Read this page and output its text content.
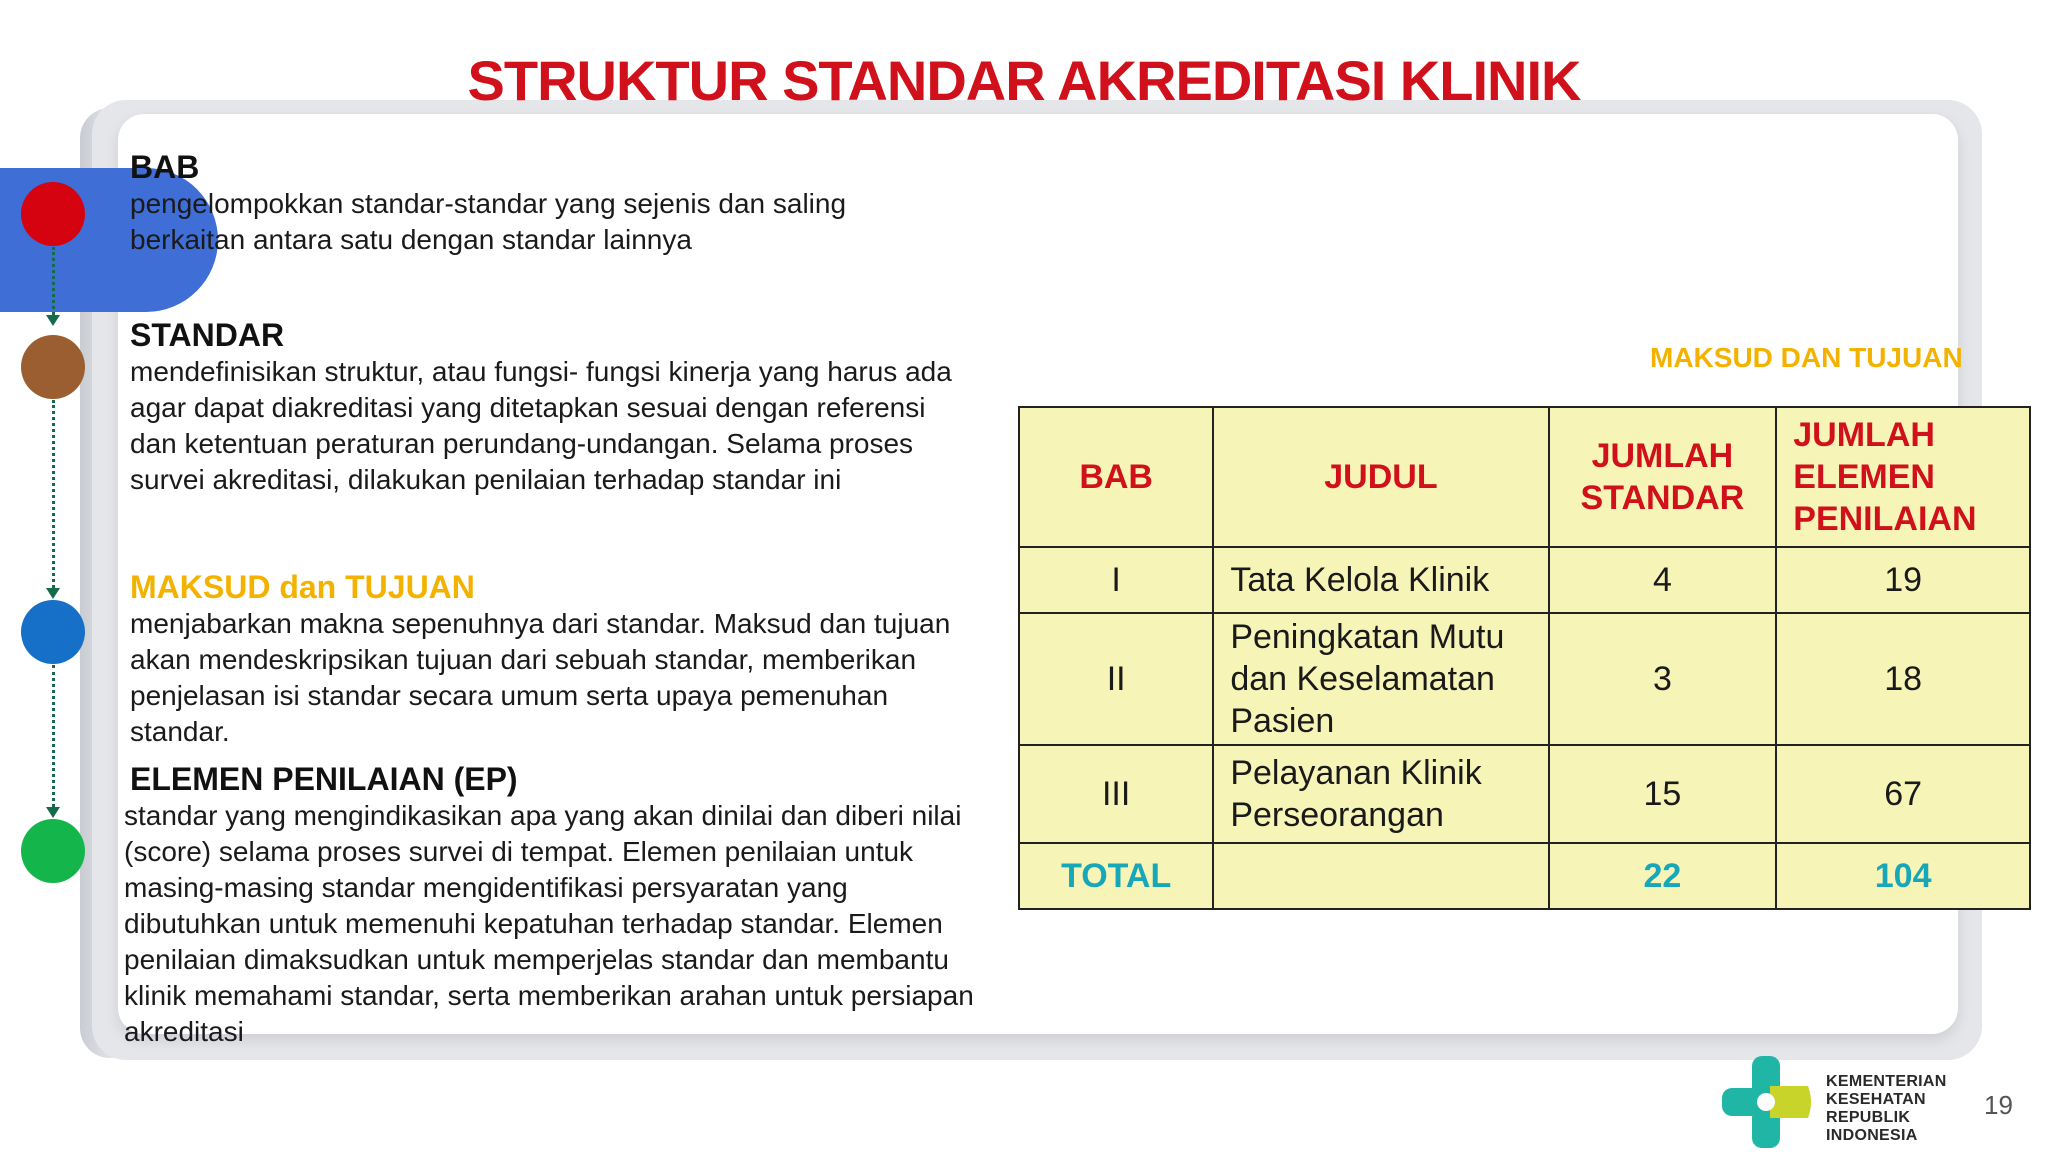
STRUKTUR STANDAR AKREDITASI KLINIK
BAB
pengelompokkan standar-standar yang sejenis dan saling berkaitan antara satu dengan standar lainnya
STANDAR
mendefinisikan struktur, atau fungsi- fungsi kinerja yang harus ada agar dapat diakreditasi yang ditetapkan sesuai dengan referensi dan ketentuan peraturan perundang-undangan. Selama proses survei akreditasi, dilakukan penilaian terhadap standar ini
MAKSUD dan TUJUAN
menjabarkan makna sepenuhnya dari standar. Maksud dan tujuan akan mendeskripsikan tujuan dari sebuah standar, memberikan penjelasan isi standar secara umum serta upaya pemenuhan standar.
ELEMEN PENILAIAN (EP)
standar yang mengindikasikan apa yang akan dinilai dan diberi nilai (score) selama proses survei di tempat. Elemen penilaian untuk masing-masing standar mengidentifikasi persyaratan yang dibutuhkan untuk memenuhi kepatuhan terhadap standar. Elemen penilaian dimaksudkan untuk memperjelas standar dan membantu klinik memahami standar, serta memberikan arahan untuk persiapan akreditasi
MAKSUD DAN TUJUAN
BAB	JUDUL	JUMLAH STANDAR	JUMLAH ELEMEN PENILAIAN
I	Tata Kelola Klinik	4	19
II	Peningkatan Mutu dan Keselamatan Pasien	3	18
III	Pelayanan Klinik Perseorangan	15	67
TOTAL		22	104
KEMENTERIAN
KESEHATAN
REPUBLIK
INDONESIA
19
